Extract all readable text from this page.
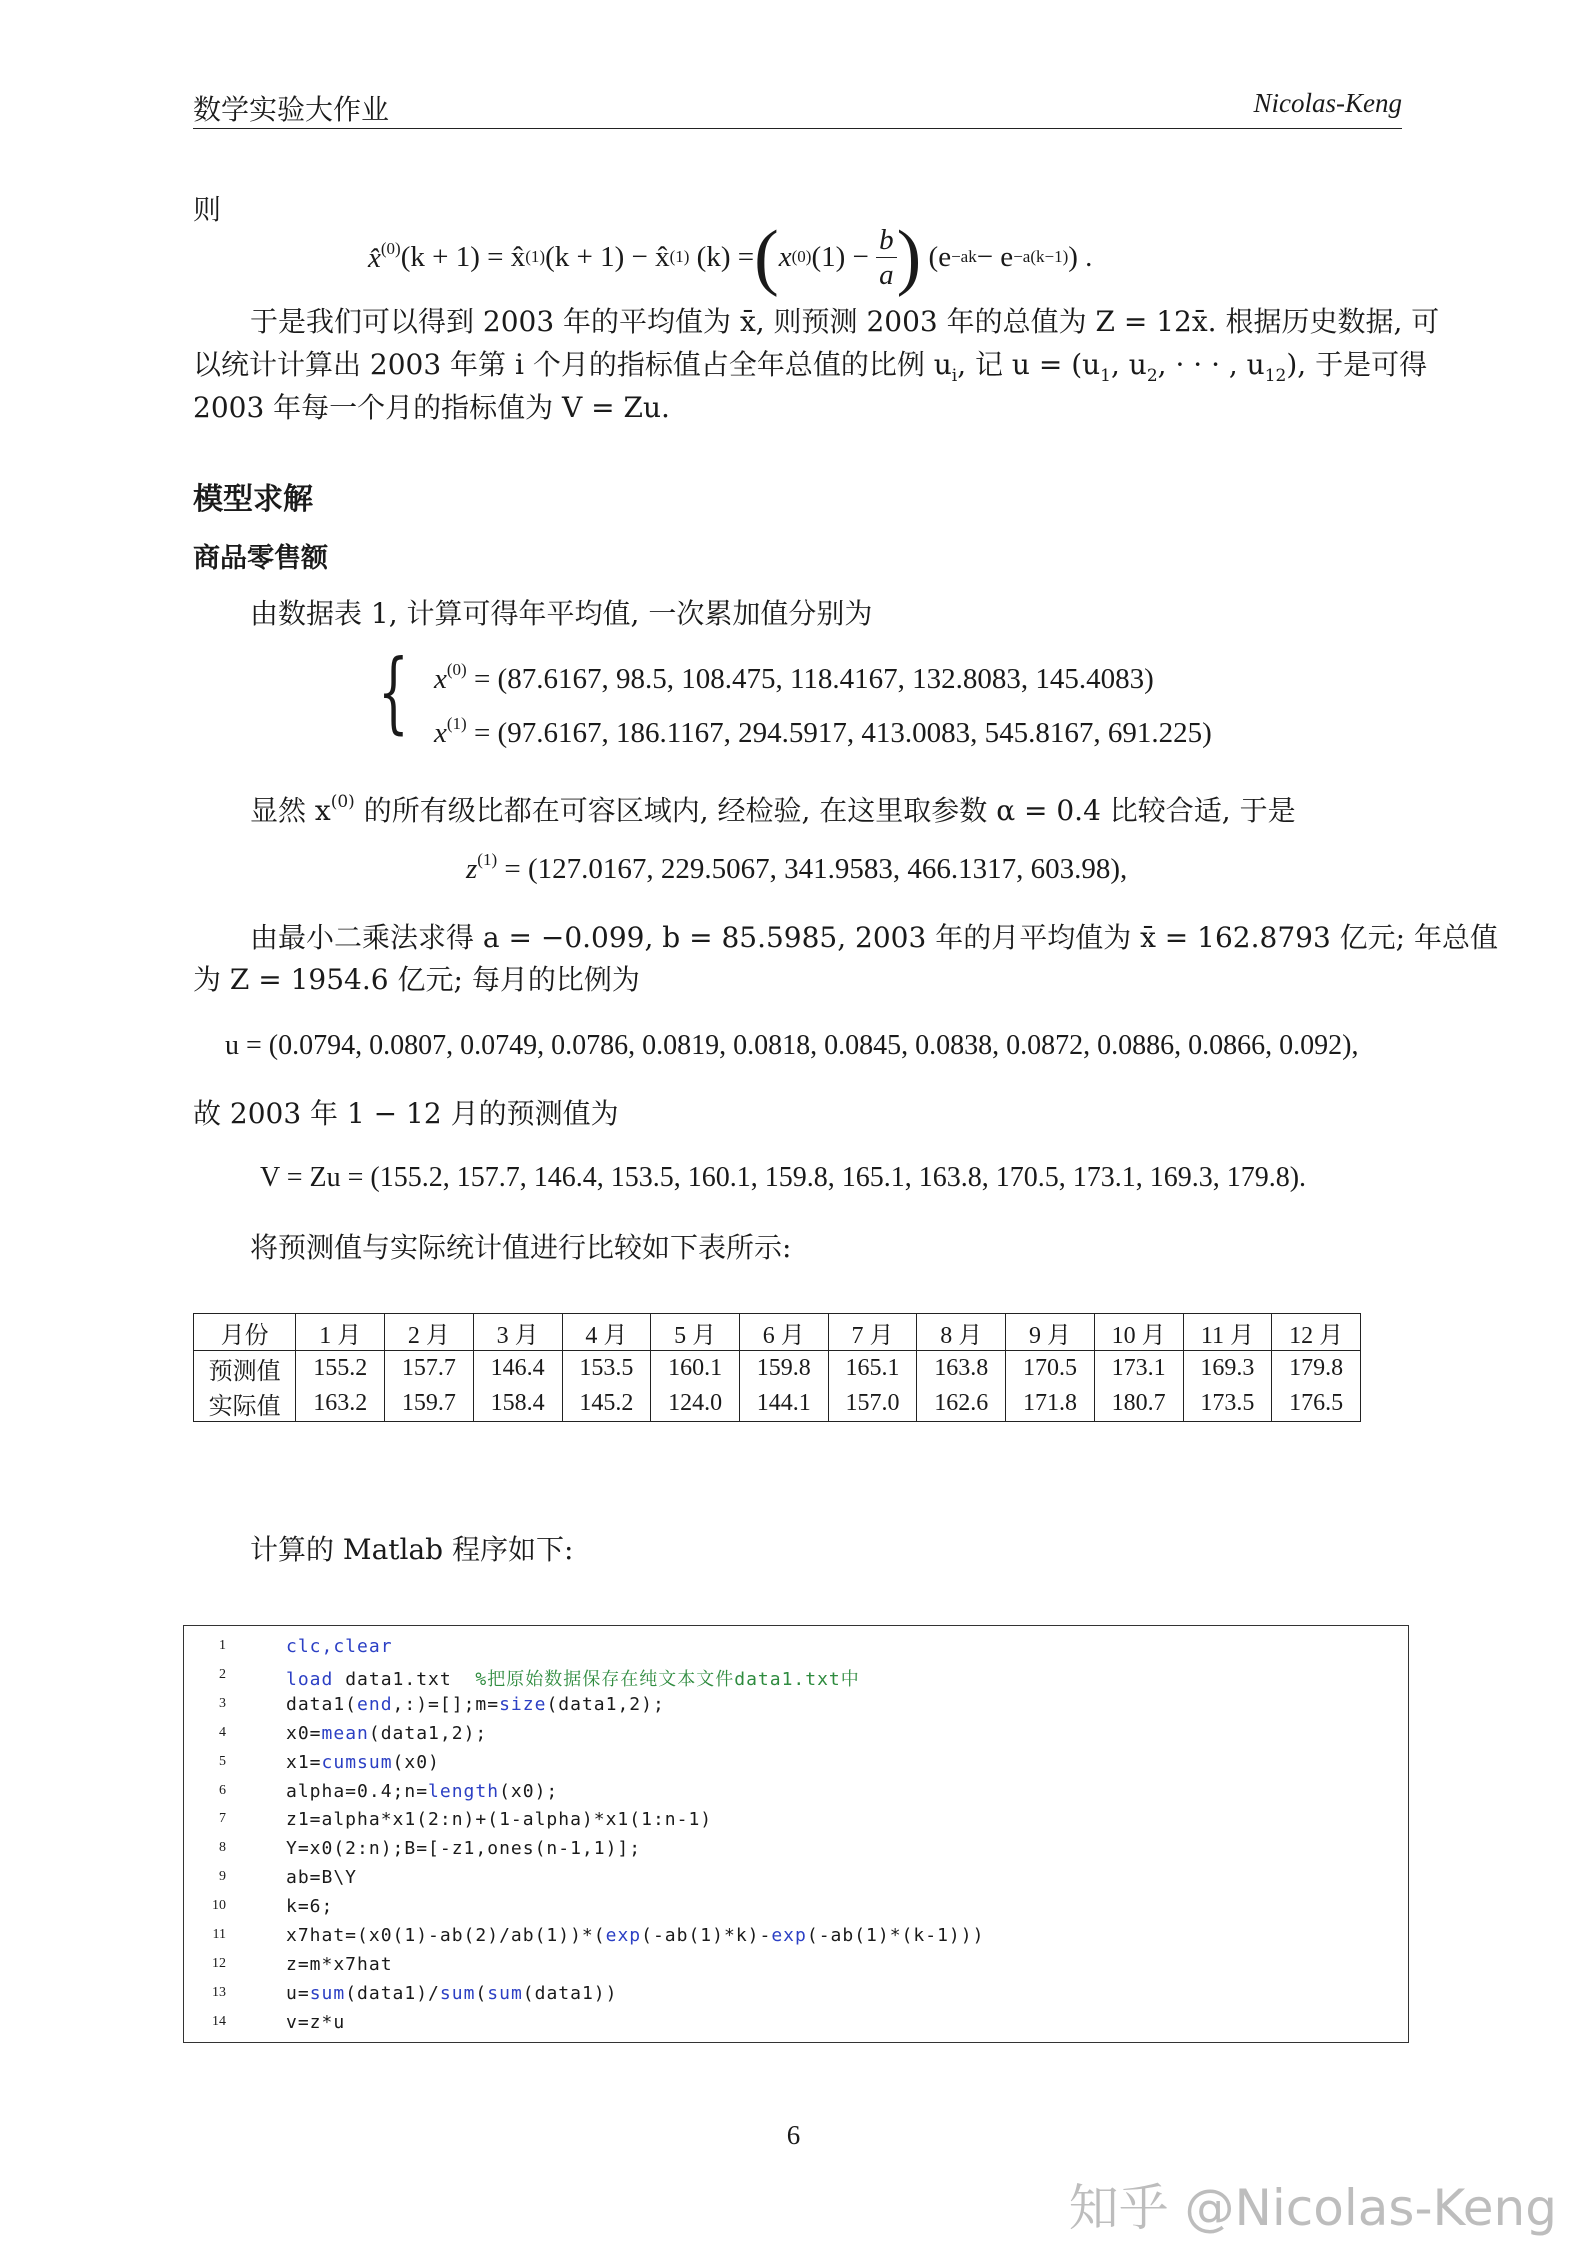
数学实验大作业	Nicolas-Keng
则
x̂$^{(0)}$ (k + 1) = x̂ (1) (k + 1) − x̂ (1)
(k) = ( x (0) (1) −
$\frac{b}{a}$ )
(e −ak − e −a(k−1) ) .
于是我们可以得到 2003 年的平均值为 x̄, 则预测 2003 年的总值为 Z = 12x̄. 根据历史数据, 可
以统计计算出 2003 年第 i 个月的指标值占全年总值的比例 $u_i$, 记 $u = (u_1$, $u_2$, · · · , $u_{12}$), 于是可得
2003 年每一个月的指标值为 V = Zu.
模型求解
商品零售额
由数据表 1, 计算可得年平均值, 一次累加值分别为
{ $x^{(0)} = (87.6167$, 98.5, 108.475, 118.4167, 132.8083, 145.4083)
$x^{(1)} = (97.6167$, 186.1167, 294.5917, 413.0083, 545.8167, 691.225)
显然 $x^{(0)}$ 的所有级比都在可容区域内, 经检验, 在这里取参数 α = 0.4 比较合适, 于是
$z^{(1)} = (127.0167$, 229.5067, 341.9583, 466.1317, 603.98),
由最小二乘法求得 a = −0.099, b = 85.5985, 2003 年的月平均值为 x̄ = 162.8793 亿元; 年总值
为 Z = 1954.6 亿元; 每月的比例为
u = (0.0794, 0.0807, 0.0749, 0.0786, 0.0819, 0.0818, 0.0845, 0.0838, 0.0872, 0.0886, 0.0866, 0.092),
故 2003 年 1 − 12 月的预测值为
V = Zu = (155.2, 157.7, 146.4, 153.5, 160.1, 159.8, 165.1, 163.8, 170.5, 173.1, 169.3, 179.8).
将预测值与实际统计值进行比较如下表所示:
月份	1 月	2 月	3 月	4 月	5 月	6 月	7 月	8 月	9 月	10 月	11 月	12 月
预测值	155.2	157.7	146.4	153.5	160.1	159.8	165.1	163.8	170.5	173.1	169.3	179.8
实际值	163.2	159.7	158.4	145.2	124.0	144.1	157.0	162.6	171.8	180.7	173.5	176.5
计算的 Matlab 程序如下:
1	clc,clear
2	load data1.txt  %把原始数据保存在纯文本文件data1.txt中
3	data1(end,:)=[];m=size(data1,2);
4	x0=mean(data1,2);
5	x1=cumsum(x0)
6	alpha=0.4;n=length(x0);
7	z1=alpha*x1(2:n)+(1-alpha)*x1(1:n-1)
8	Y=x0(2:n);B=[-z1,ones(n-1,1)];
9	ab=B\Y
10	k=6;
11	x7hat=(x0(1)-ab(2)/ab(1))*(exp(-ab(1)*k)-exp(-ab(1)*(k-1)))
12	z=m*x7hat
13	u=sum(data1)/sum(sum(data1))
14	v=z*u
6
知乎 @Nicolas-Keng
